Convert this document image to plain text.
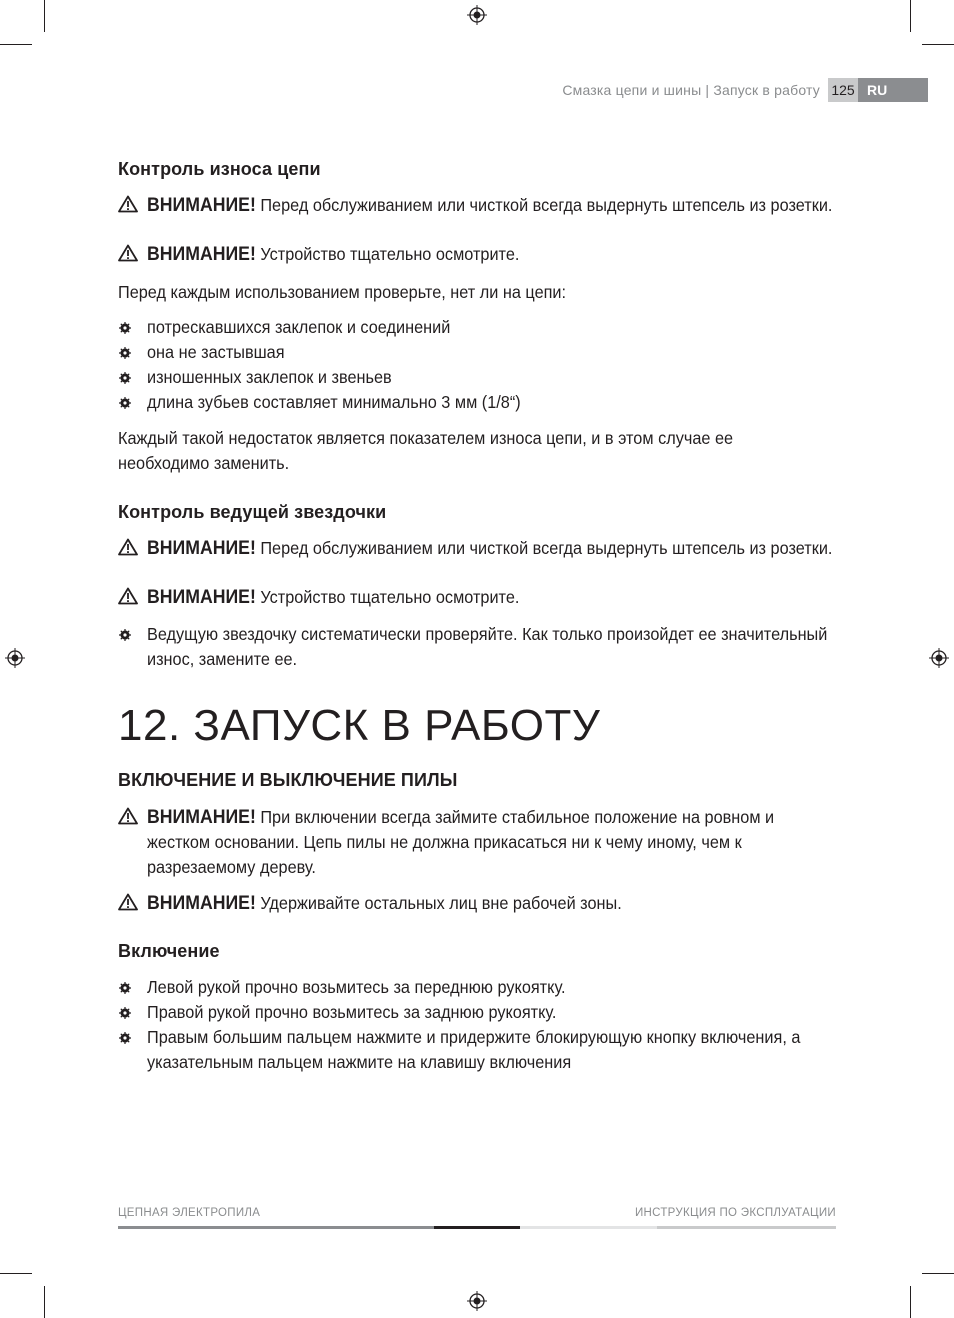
Смазка цепи и шины | Запуск в работу 125 RU
Контроль износа цепи
ВНИМАНИЕ! Перед обслуживанием или чисткой всегда выдернуть штепсель из розетки.
ВНИМАНИЕ! Устройство тщательно осмотрите.
Перед каждым использованием проверьте, нет ли на цепи:
потрескавшихся заклепок и соединений
она не застывшая
изношенных заклепок и звеньев
длина зубьев составляет минимально 3 мм (1/8“)
Каждый такой недостаток является показателем износа цепи, и в этом случае ее необходимо заменить.
Контроль ведущей звездочки
ВНИМАНИЕ! Перед обслуживанием или чисткой всегда выдернуть штепсель из розетки.
ВНИМАНИЕ! Устройство тщательно осмотрите.
Ведущую звездочку систематически проверяйте. Как только произойдет ее значительный износ, замените ее.
12. ЗАПУСК В РАБОТУ
ВКЛЮЧЕНИЕ И ВЫКЛЮЧЕНИЕ ПИЛЫ
ВНИМАНИЕ! При включении всегда займите стабильное положение на ровном и жестком основании. Цепь пилы не должна прикасаться ни к чему иному, чем к разрезаемому дереву.
ВНИМАНИЕ! Удерживайте остальных лиц вне рабочей зоны.
Включение
Левой рукой прочно возьмитесь за переднюю рукоятку.
Правой рукой прочно возьмитесь за заднюю рукоятку.
Правым большим пальцем нажмите и придержите блокирующую кнопку включения, а указательным пальцем нажмите на клавишу включения
ЦЕПНАЯ ЭЛЕКТРОПИЛА	ИНСТРУКЦИЯ ПО ЭКСПЛУАТАЦИИ
